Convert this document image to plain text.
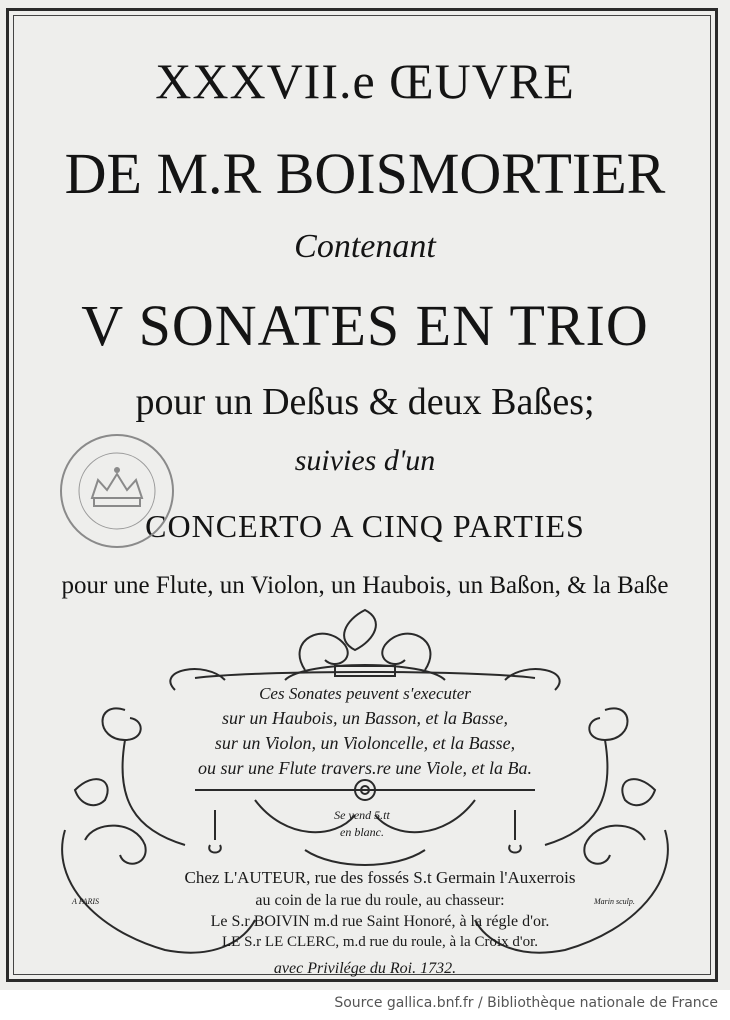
XXXVII.e ŒUVRE
DE M.R BOISMORTIER
Contenant
V SONATES EN TRIO
pour un Deßus & deux Baßes;
suivies d'un
CONCERTO A CINQ PARTIES
pour une Flute, un Violon, un Haubois, un Baßon, & la Baße
Ces Sonates peuvent s'executer
sur un Haubois, un Basson, et la Basse,
sur un Violon, un Violoncelle, et la Basse,
ou sur une Flute travers.re une Viole, et la Ba.
Se vend 5.tt
en blanc.
Chez L'AUTEUR, rue des fossés S.t Germain l'Auxerrois
au coin de la rue du roule, au chasseur:
Le S.r BOIVIN m.d rue Saint Honoré, à la régle d'or.
LE S.r LE CLERC, m.d rue du roule, à la Croix d'or.
A PARIS	Marin sculp.
avec Privilége du Roi. 1732.
Source gallica.bnf.fr / Bibliothèque nationale de France
